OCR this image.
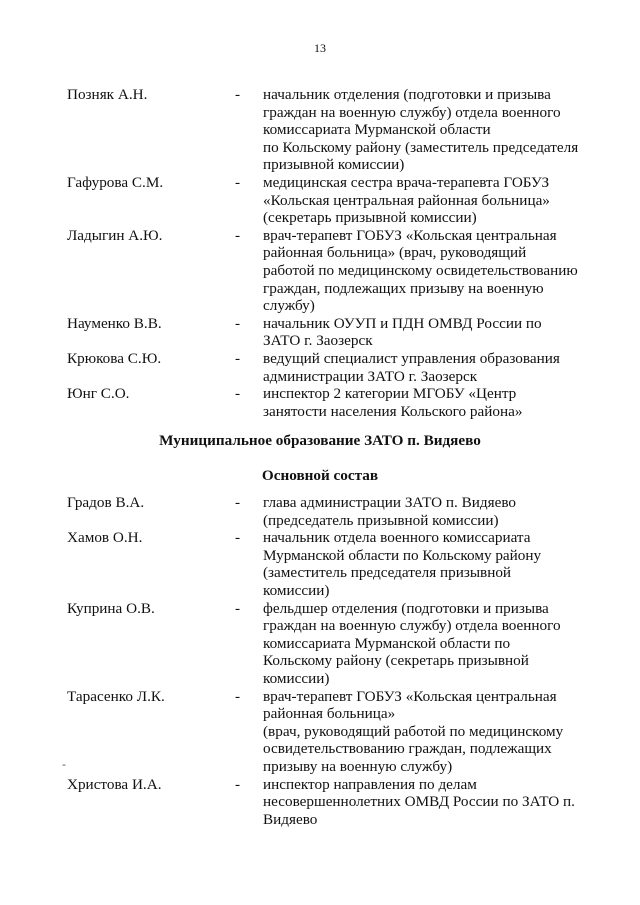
13
Позняк А.Н.	- начальник отделения (подготовки и призыва
граждан на военную службу) отдела военного
комиссариата Мурманской области
по Кольскому району (заместитель председателя
призывной комиссии)
Гафурова С.М.	- медицинская сестра врача-терапевта ГОБУЗ
«Кольская центральная районная больница»
(секретарь призывной комиссии)
Ладыгин А.Ю.	- врач-терапевт ГОБУЗ «Кольская центральная
районная больница» (врач, руководящий
работой по медицинскому освидетельствованию
граждан, подлежащих призыву на военную
службу)
Науменко В.В.	- начальник ОУУП и ПДН ОМВД России по
ЗАТО г. Заозерск
Крюкова С.Ю.	- ведущий специалист управления образования
администрации ЗАТО г. Заозерск
Юнг С.О.	- инспектор 2 категории МГОБУ «Центр
занятости населения Кольского района»
Муниципальное образование ЗАТО п. Видяево
Основной состав
Градов В.А.	- глава администрации ЗАТО п. Видяево
(председатель призывной комиссии)
Хамов О.Н.	- начальник отдела военного комиссариата
Мурманской области по Кольскому району
(заместитель председателя призывной
комиссии)
Куприна О.В.	- фельдшер отделения (подготовки и призыва
граждан на военную службу) отдела военного
комиссариата Мурманской области по
Кольскому району (секретарь призывной
комиссии)
Тарасенко Л.К.	- врач-терапевт ГОБУЗ «Кольская центральная
районная больница»
(врач, руководящий работой по медицинскому
освидетельствованию граждан, подлежащих
призыву на военную службу)
Христова И.А.	- инспектор направления по делам
несовершеннолетних ОМВД России по ЗАТО п.
Видяево
-
